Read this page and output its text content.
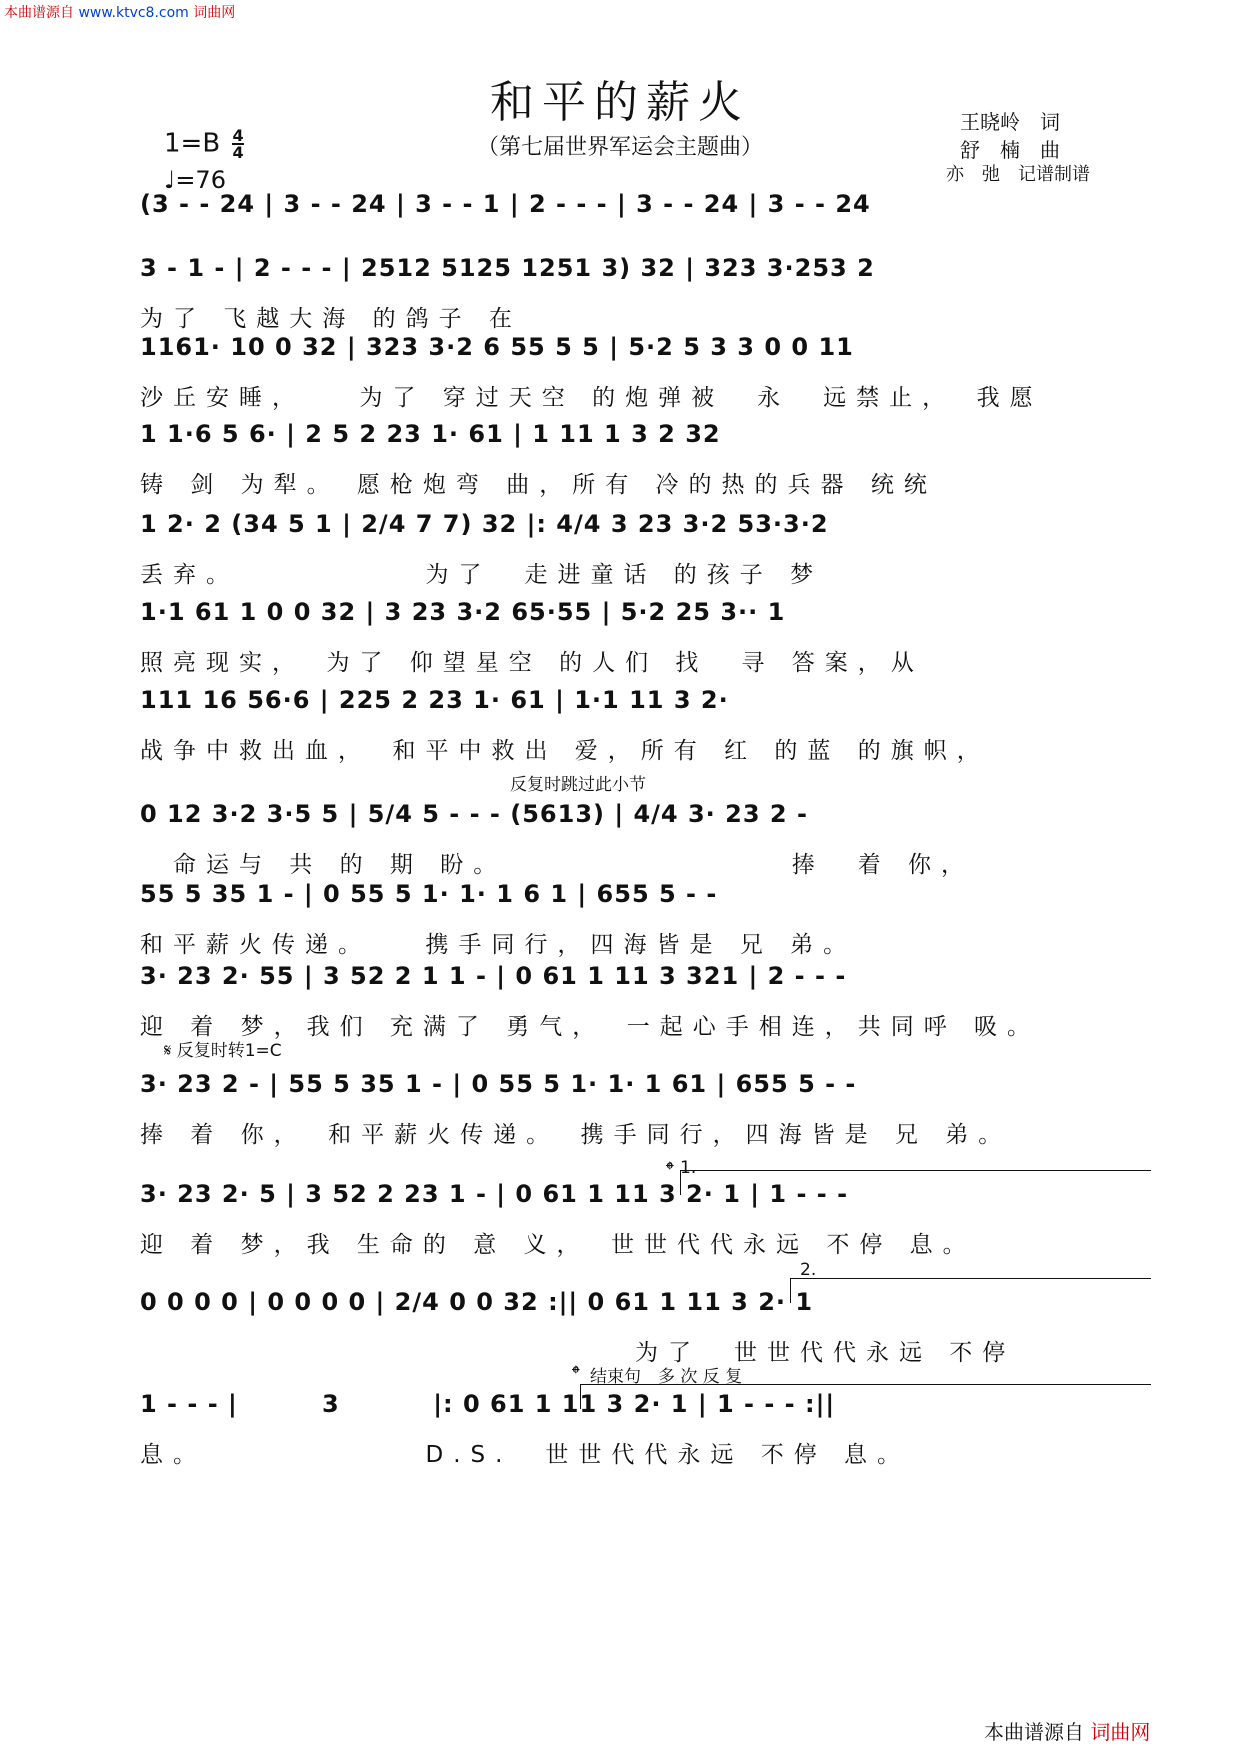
本曲谱源自 www.ktvc8.com 词曲网
和平的薪火
（第七届世界军运会主题曲）
王晓岭　词
舒　楠　曲
亦　弛　记谱制谱
$1=B \frac{4}{4}$
♩=76
(3 - - 24 | 3 - - 24 | 3 - - 1 | 2 - - - | 3 - - 24 | 3 - - 24
3 - 1 - | 2 - - - | 2512 5125 1251 3) 32 | 323 3·253 2
为了 飞越大海 的鸽子 在
1161· 10 0 32 | 323 3·2 6 55 5 5 | 5·2 5 3 3 0 0 11
沙丘安睡，　　为了 穿过天空 的炮弹被　永　远禁止，　我愿
1 1·6 5 6· | 2 5 2 23 1· 61 | 1 11 1 3 2 32
铸 剑 为犁。 愿枪炮弯 曲，所有 冷的热的兵器 统统
1 2· 2 (34 5 1 | 2/4 7 7) 32 |: 4/4 3 23 3·2 53·3·2
丢弃。　　　　　　为了　走进童话 的孩子 梦
1·1 61 1 0 0 32 | 3 23 3·2 65·55 | 5·2 25 3·· 1
照亮现实，　为了 仰望星空 的人们 找　寻 答案，从
111 16 56·6 | 225 2 23 1· 61 | 1·1 11 3 2·
战争中救出血，　和平中救出 爱，所有 红 的蓝 的旗帜，
0 12 3·2 3·5 5 | 5/4 5 - - - (5613) | 4/4 3· 23 2 -
　命运与 共 的 期 盼。　　　　　　　　　捧　着 你，
反复时跳过此小节
55 5 35 1 - | 0 55 5 1· 1· 1 6 1 | 655 5 - -
和平薪火传递。　　携手同行，四海皆是 兄 弟。
3· 23 2· 55 | 3 52 2 1 1 - | 0 61 1 11 3 321 | 2 - - -
迎 着 梦，我们 充满了 勇气，　一起心手相连，共同呼 吸。
3· 23 2 - | 55 5 35 1 - | 0 55 5 1· 1· 1 61 | 655 5 - -
捧 着 你，　和平薪火传递。　携手同行，四海皆是 兄 弟。
𝄋 反复时转1=C
3· 23 2· 5 | 3 52 2 23 1 - | 0 61 1 11 3 2· 1 | 1 - - -
迎 着 梦，我 生命的 意 义，　世世代代永远 不停 息。
1.
0 0 0 0 | 0 0 0 0 | 2/4 0 0 32 :|| 0 61 1 11 3 2· 1
　　　　　　　　　　　　　　　为了　世世代代永远 不停
2.
1 - - - |         3          |: 0 61 1 11 3 2· 1 | 1 - - - :||
息。　　　　　　　D.S.　世世代代永远 不停 息。
结束句　多 次 反 复
𝄌
𝄌
本曲谱源自 词曲网
